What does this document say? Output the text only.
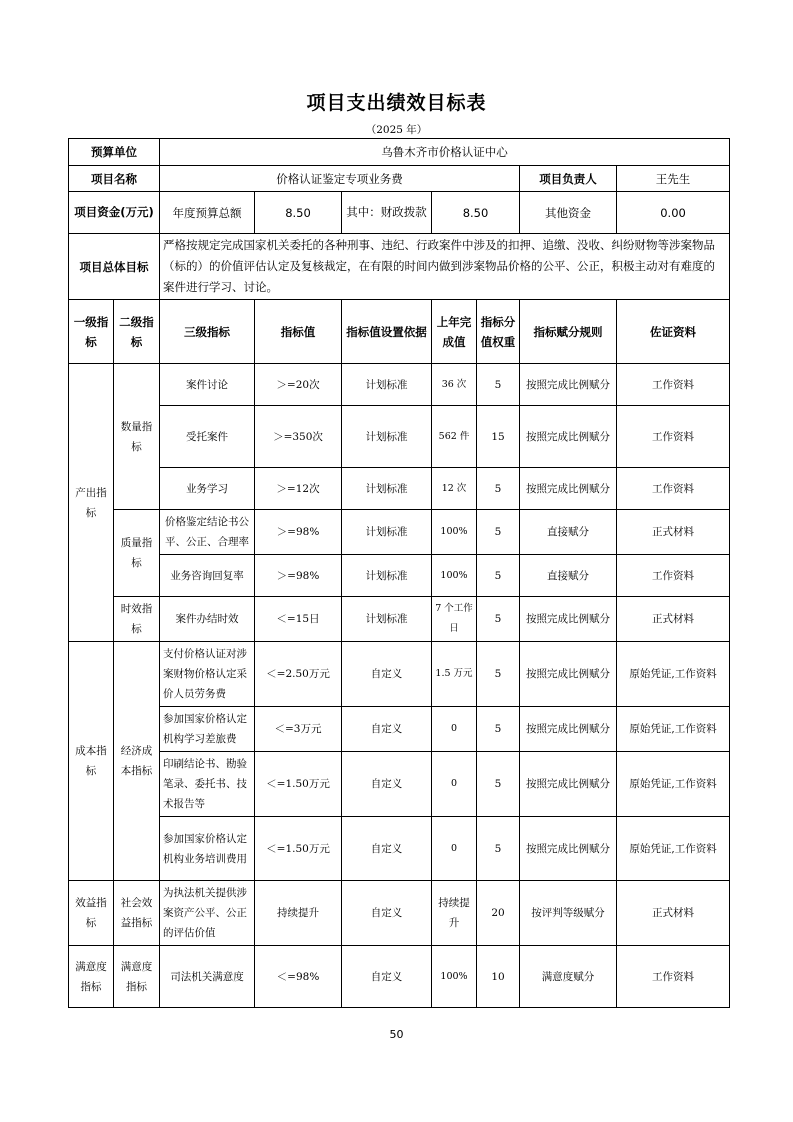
项目支出绩效目标表
（2025 年）
预算单位		乌鲁木齐市价格认证中心						
项目名称		价格认证鉴定专项业务费					项目负责人	王先生
项目资金(万元)		年度预算总额	8.50	其中：财政拨款	8.50		其他资金	0.00
项目总体目标		严格按规定完成国家机关委托的各种刑事、违纪、行政案件中涉及的扣押、追缴、没收、纠纷财物等涉案物品（标的）的价值评估认定及复核裁定，在有限的时间内做到涉案物品价格的公平、公正，积极主动对有难度的案件进行学习、讨论。						
一级指标	二级指标	三级指标	指标值	指标值设置依据	上年完成值	指标分值权重	指标赋分规则	佐证资料
产出指标	数量指标	案件讨论	＞=20次	计划标准	36 次	5	按照完成比例赋分	工作资料
		受托案件	＞=350次	计划标准	562 件	15	按照完成比例赋分	工作资料
		业务学习	＞=12次	计划标准	12 次	5	按照完成比例赋分	工作资料
	质量指标	价格鉴定结论书公平、公正、合理率	＞=98%	计划标准	100%	5	直接赋分	正式材料
		业务咨询回复率	＞=98%	计划标准	100%	5	直接赋分	工作资料
	时效指标	案件办结时效	＜=15日	计划标准	7 个工作日	5	按照完成比例赋分	正式材料
成本指标	经济成本指标	支付价格认证对涉案财物价格认定采价人员劳务费	＜=2.50万元	自定义	1.5 万元	5	按照完成比例赋分	原始凭证,工作资料
		参加国家价格认定机构学习差旅费	＜=3万元	自定义	0	5	按照完成比例赋分	原始凭证,工作资料
		印刷结论书、勘验笔录、委托书、技术报告等	＜=1.50万元	自定义	0	5	按照完成比例赋分	原始凭证,工作资料
		参加国家价格认定机构业务培训费用	＜=1.50万元	自定义	0	5	按照完成比例赋分	原始凭证,工作资料
效益指标	社会效益指标	为执法机关提供涉案资产公平、公正的评估价值	持续提升	自定义	持续提升	20	按评判等级赋分	正式材料
满意度指标	满意度指标	司法机关满意度	＜=98%	自定义	100%	10	满意度赋分	工作资料
50
